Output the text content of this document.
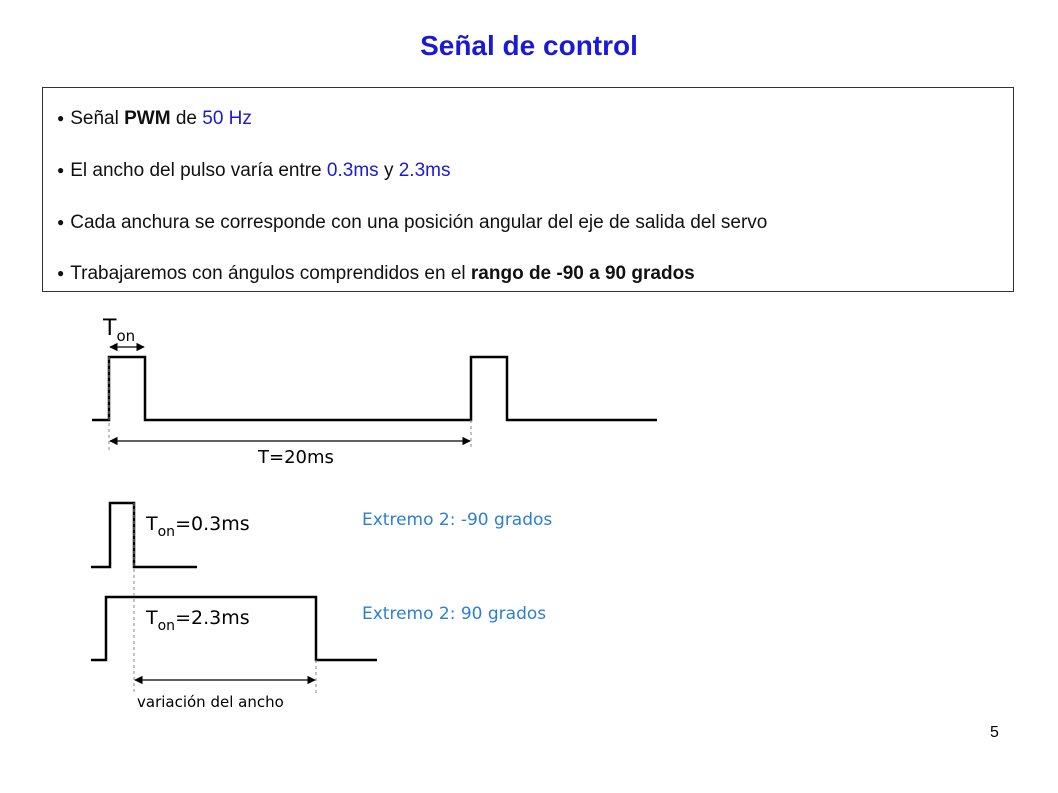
Señal de control
● Señal PWM de 50 Hz
● El ancho del pulso varía entre 0.3ms y 2.3ms
● Cada anchura se corresponde con una posición angular del eje de salida del servo
● Trabajaremos con ángulos comprendidos en el rango de -90 a 90 grados
$T_{on}$
T=20ms
$T_{on}=0.3ms$	Extremo 2: -90 grados
$T_{on}=2.3ms$	Extremo 2: 90 grados
variación del ancho
5
